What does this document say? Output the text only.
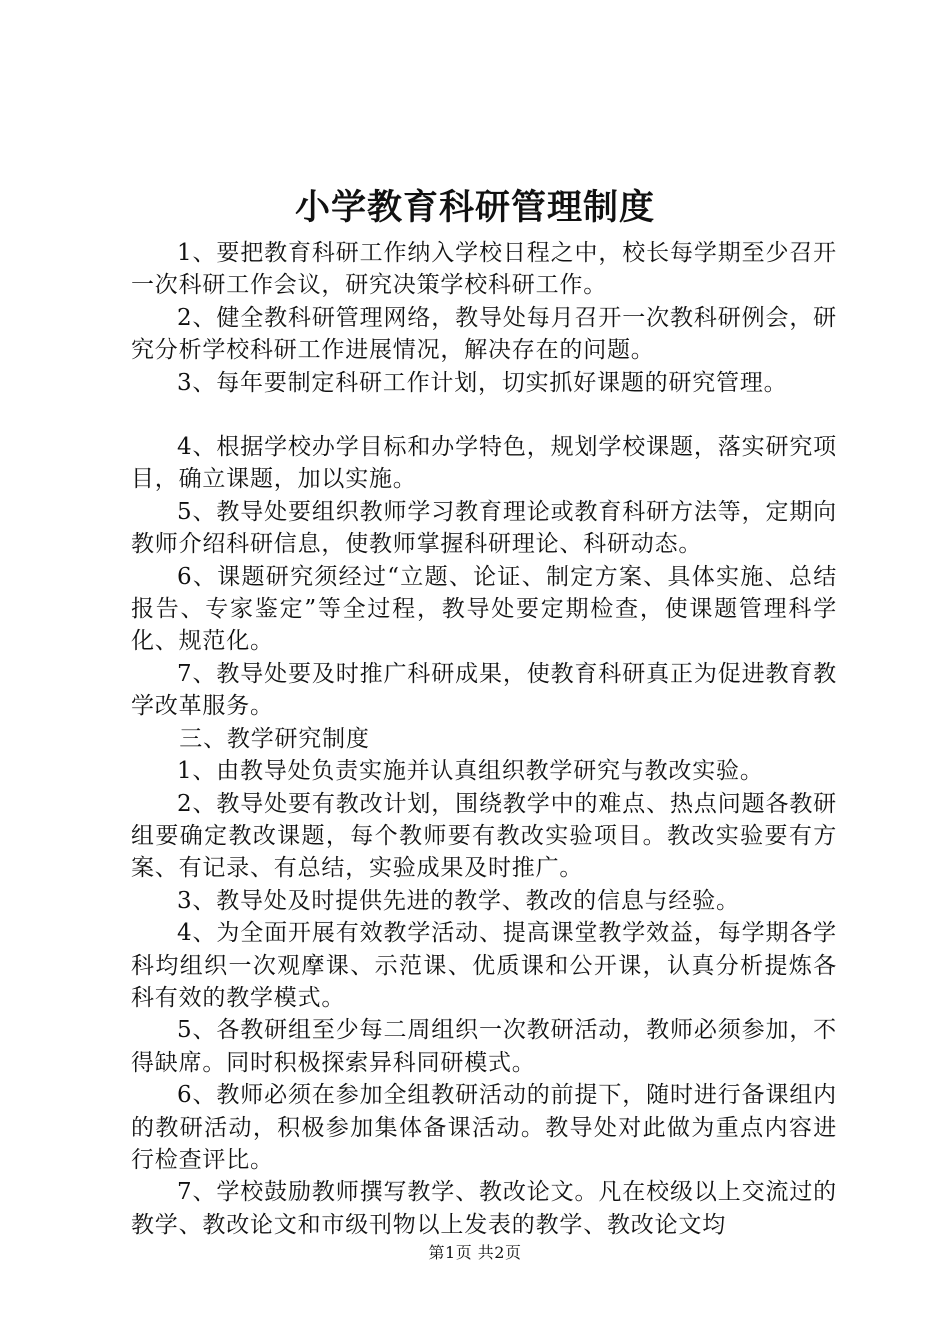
小学教育科研管理制度

1、要把教育科研工作纳入学校日程之中，校长每学期至少召开一次科研工作会议，研究决策学校科研工作。

2、健全教科研管理网络，教导处每月召开一次教科研例会，研究分析学校科研工作进展情况，解决存在的问题。

3、每年要制定科研工作计划，切实抓好课题的研究管理。

4、根据学校办学目标和办学特色，规划学校课题，落实研究项目，确立课题，加以实施。

5、教导处要组织教师学习教育理论或教育科研方法等，定期向教师介绍科研信息，使教师掌握科研理论、科研动态。

6、课题研究须经过“立题、论证、制定方案、具体实施、总结报告、专家鉴定”等全过程，教导处要定期检查，使课题管理科学化、规范化。

7、教导处要及时推广科研成果，使教育科研真正为促进教育教学改革服务。

三、教学研究制度

1、由教导处负责实施并认真组织教学研究与教改实验。

2、教导处要有教改计划，围绕教学中的难点、热点问题各教研组要确定教改课题，每个教师要有教改实验项目。教改实验要有方案、有记录、有总结，实验成果及时推广。

3、教导处及时提供先进的教学、教改的信息与经验。

4、为全面开展有效教学活动、提高课堂教学效益，每学期各学科均组织一次观摩课、示范课、优质课和公开课，认真分析提炼各科有效的教学模式。

5、各教研组至少每二周组织一次教研活动，教师必须参加，不得缺席。同时积极探索异科同研模式。

6、教师必须在参加全组教研活动的前提下，随时进行备课组内的教研活动，积极参加集体备课活动。教导处对此做为重点内容进行检查评比。

7、学校鼓励教师撰写教学、教改论文。凡在校级以上交流过的教学、教改论文和市级刊物以上发表的教学、教改论文均

第1页 共2页
